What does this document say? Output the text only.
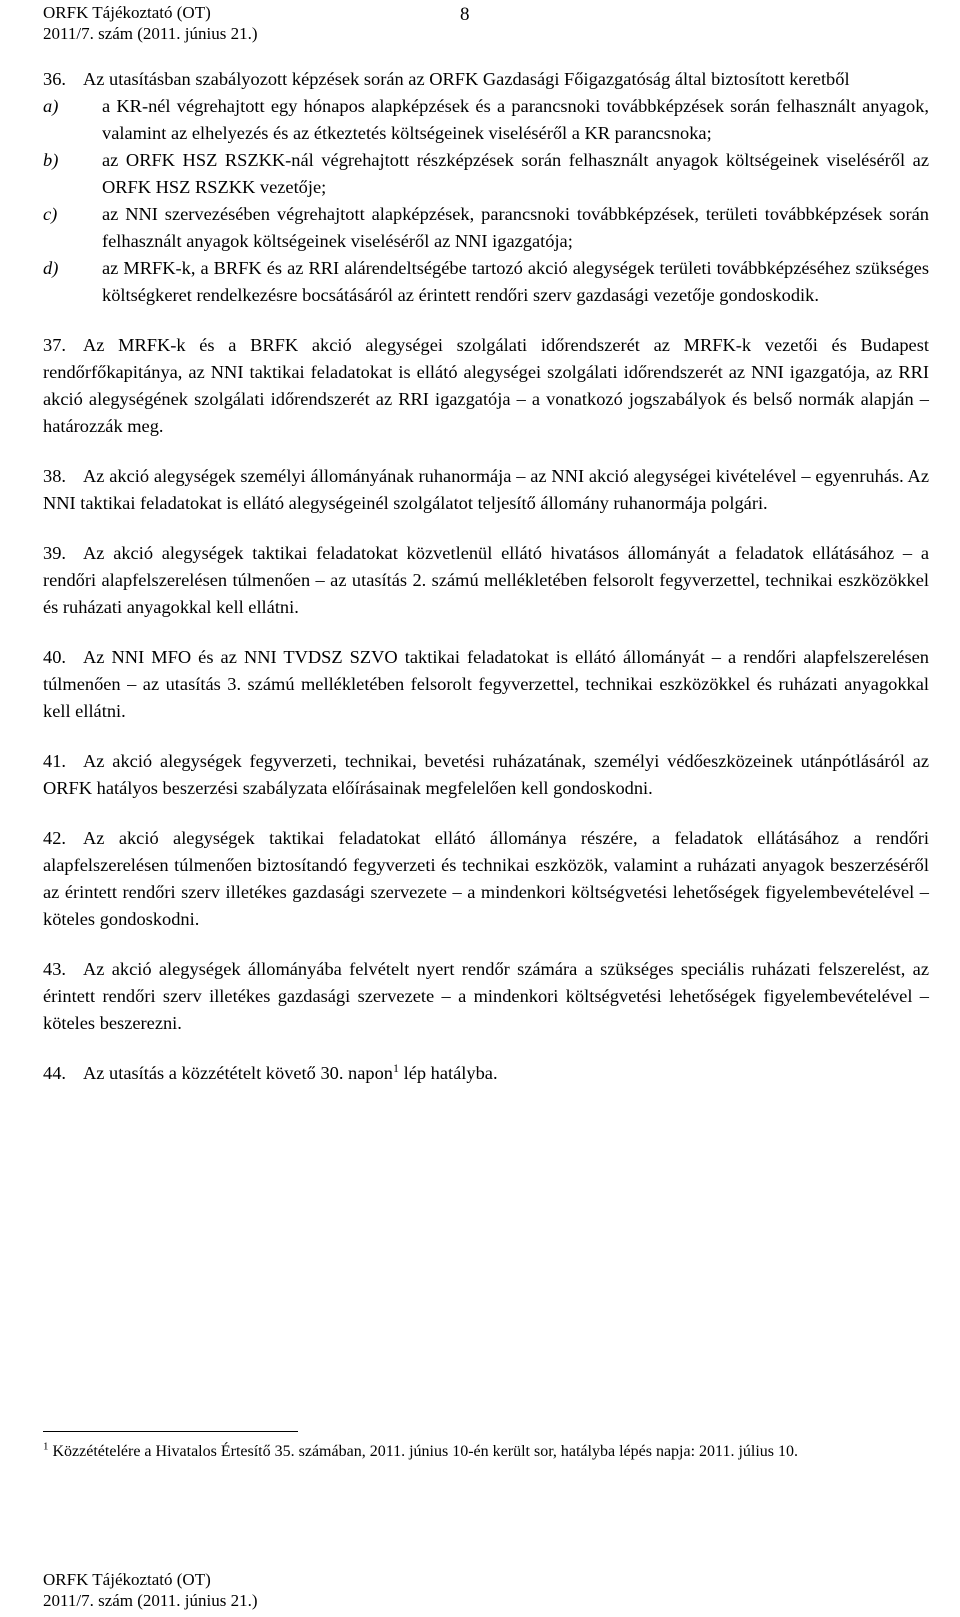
ORFK Tájékoztató (OT)
2011/7. szám (2011. június 21.)
8
36. Az utasításban szabályozott képzések során az ORFK Gazdasági Főigazgatóság által biztosított keretből
a) a KR-nél végrehajtott egy hónapos alapképzések és a parancsnoki továbbképzések során felhasznált anyagok, valamint az elhelyezés és az étkeztetés költségeinek viseléséről a KR parancsnoka;
b) az ORFK HSZ RSZKK-nál végrehajtott részképzések során felhasznált anyagok költségeinek viseléséről az ORFK HSZ RSZKK vezetője;
c) az NNI szervezésében végrehajtott alapképzések, parancsnoki továbbképzések, területi továbbképzések során felhasznált anyagok költségeinek viseléséről az NNI igazgatója;
d) az MRFK-k, a BRFK és az RRI alárendeltségébe tartozó akció alegységek területi továbbképzéséhez szükséges költségkeret rendelkezésre bocsátásáról az érintett rendőri szerv gazdasági vezetője gondoskodik.
37. Az MRFK-k és a BRFK akció alegységei szolgálati időrendszerét az MRFK-k vezetői és Budapest rendőrfőkapitánya, az NNI taktikai feladatokat is ellátó alegységei szolgálati időrendszerét az NNI igazgatója, az RRI akció alegységének szolgálati időrendszerét az RRI igazgatója – a vonatkozó jogszabályok és belső normák alapján – határozzák meg.
38. Az akció alegységek személyi állományának ruhanormája – az NNI akció alegységei kivételével – egyenruhás. Az NNI taktikai feladatokat is ellátó alegységeinél szolgálatot teljesítő állomány ruhanormája polgári.
39. Az akció alegységek taktikai feladatokat közvetlenül ellátó hivatásos állományát a feladatok ellátásához – a rendőri alapfelszerelésen túlmenően – az utasítás 2. számú mellékletében felsorolt fegyverzettel, technikai eszközökkel és ruházati anyagokkal kell ellátni.
40. Az NNI MFO és az NNI TVDSZ SZVO taktikai feladatokat is ellátó állományát – a rendőri alapfelszerelésen túlmenően – az utasítás 3. számú mellékletében felsorolt fegyverzettel, technikai eszközökkel és ruházati anyagokkal kell ellátni.
41. Az akció alegységek fegyverzeti, technikai, bevetési ruházatának, személyi védőeszközeinek utánpótlásáról az ORFK hatályos beszerzési szabályzata előírásainak megfelelően kell gondoskodni.
42. Az akció alegységek taktikai feladatokat ellátó állománya részére, a feladatok ellátásához a rendőri alapfelszerelésen túlmenően biztosítandó fegyverzeti és technikai eszközök, valamint a ruházati anyagok beszerzéséről az érintett rendőri szerv illetékes gazdasági szervezete – a mindenkori költségvetési lehetőségek figyelembevételével – köteles gondoskodni.
43. Az akció alegységek állományába felvételt nyert rendőr számára a szükséges speciális ruházati felszerelést, az érintett rendőri szerv illetékes gazdasági szervezete – a mindenkori költségvetési lehetőségek figyelembevételével – köteles beszerezni.
44. Az utasítás a közzétételt követő 30. napon$^1$ lép hatályba.
$^1$ Közzétételére a Hivatalos Értesítő 35. számában, 2011. június 10-én került sor, hatályba lépés napja: 2011. július 10.
ORFK Tájékoztató (OT)
2011/7. szám (2011. június 21.)
